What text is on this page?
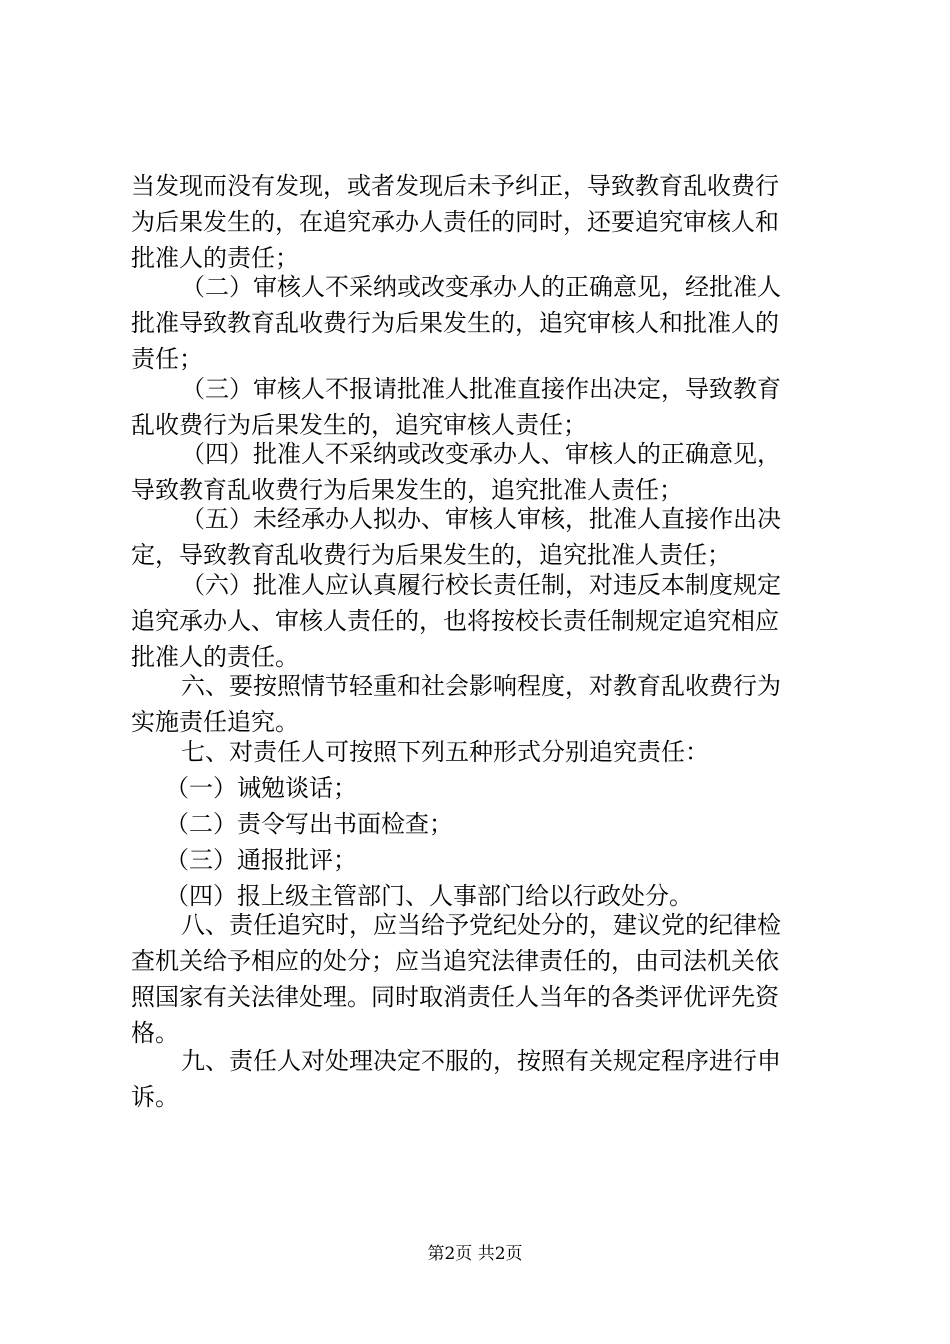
当发现而没有发现，或者发现后未予纠正，导致教育乱收费行
为后果发生的，在追究承办人责任的同时，还要追究审核人和
批准人的责任；
（二）审核人不采纳或改变承办人的正确意见，经批准人
批准导致教育乱收费行为后果发生的，追究审核人和批准人的
责任；
（三）审核人不报请批准人批准直接作出决定，导致教育
乱收费行为后果发生的，追究审核人责任；
（四）批准人不采纳或改变承办人、审核人的正确意见，
导致教育乱收费行为后果发生的，追究批准人责任；
（五）未经承办人拟办、审核人审核，批准人直接作出决
定，导致教育乱收费行为后果发生的，追究批准人责任；
（六）批准人应认真履行校长责任制，对违反本制度规定
追究承办人、审核人责任的，也将按校长责任制规定追究相应
批准人的责任。
六、要按照情节轻重和社会影响程度，对教育乱收费行为
实施责任追究。
七、对责任人可按照下列五种形式分别追究责任：
（一）诫勉谈话；
（二）责令写出书面检查；
（三）通报批评；
（四）报上级主管部门、人事部门给以行政处分。
八、责任追究时，应当给予党纪处分的，建议党的纪律检
查机关给予相应的处分；应当追究法律责任的，由司法机关依
照国家有关法律处理。同时取消责任人当年的各类评优评先资
格。
九、责任人对处理决定不服的，按照有关规定程序进行申
诉。
第2页 共2页
